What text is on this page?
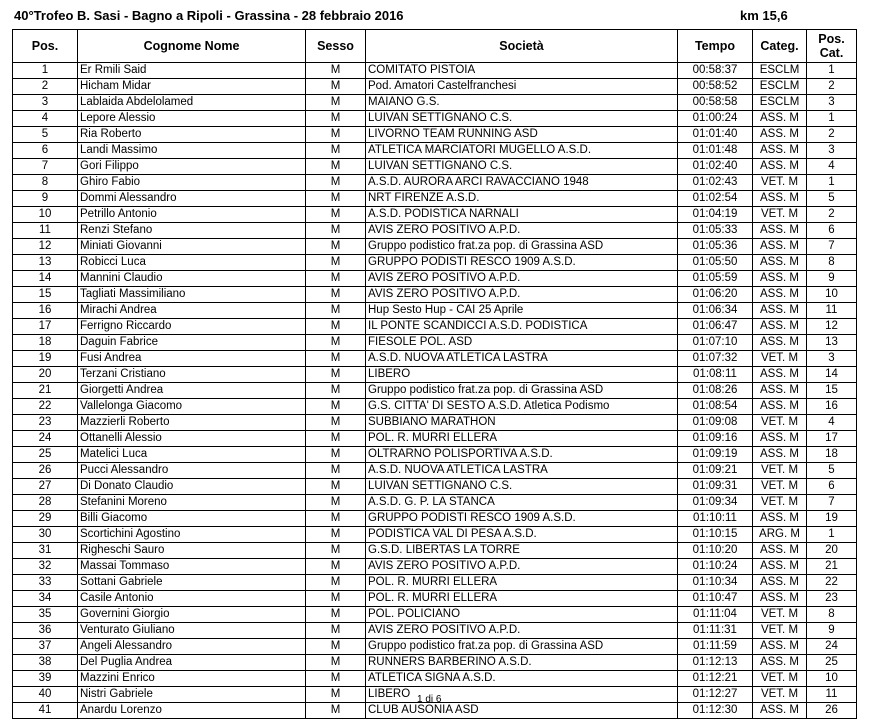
40°Trofeo B. Sasi - Bagno a Ripoli - Grassina - 28 febbraio 2016	km 15,6
Pos.	Cognome Nome	Sesso	Società	Tempo	Categ.	Pos. Cat.
1	Er Rmili Said	M	COMITATO PISTOIA	00:58:37	ESCLM	1
2	Hicham Midar	M	Pod. Amatori Castelfranchesi	00:58:52	ESCLM	2
3	Lablaida Abdelolamed	M	MAIANO G.S.	00:58:58	ESCLM	3
4	Lepore Alessio	M	LUIVAN SETTIGNANO C.S.	01:00:24	ASS. M	1
5	Ria Roberto	M	LIVORNO TEAM RUNNING ASD	01:01:40	ASS. M	2
6	Landi Massimo	M	ATLETICA MARCIATORI MUGELLO A.S.D.	01:01:48	ASS. M	3
7	Gori Filippo	M	LUIVAN SETTIGNANO C.S.	01:02:40	ASS. M	4
8	Ghiro Fabio	M	A.S.D. AURORA ARCI RAVACCIANO 1948	01:02:43	VET. M	1
9	Dommi Alessandro	M	NRT FIRENZE A.S.D.	01:02:54	ASS. M	5
10	Petrillo Antonio	M	A.S.D. PODISTICA NARNALI	01:04:19	VET. M	2
11	Renzi Stefano	M	AVIS ZERO POSITIVO A.P.D.	01:05:33	ASS. M	6
12	Miniati Giovanni	M	Gruppo podistico frat.za pop. di Grassina ASD	01:05:36	ASS. M	7
13	Robicci Luca	M	GRUPPO PODISTI RESCO 1909 A.S.D.	01:05:50	ASS. M	8
14	Mannini Claudio	M	AVIS ZERO POSITIVO A.P.D.	01:05:59	ASS. M	9
15	Tagliati Massimiliano	M	AVIS ZERO POSITIVO A.P.D.	01:06:20	ASS. M	10
16	Mirachi Andrea	M	Hup Sesto Hup - CAI 25 Aprile	01:06:34	ASS. M	11
17	Ferrigno Riccardo	M	IL PONTE SCANDICCI A.S.D. PODISTICA	01:06:47	ASS. M	12
18	Daguin Fabrice	M	FIESOLE POL. ASD	01:07:10	ASS. M	13
19	Fusi Andrea	M	A.S.D. NUOVA ATLETICA LASTRA	01:07:32	VET. M	3
20	Terzani Cristiano	M	LIBERO	01:08:11	ASS. M	14
21	Giorgetti Andrea	M	Gruppo podistico frat.za pop. di Grassina ASD	01:08:26	ASS. M	15
22	Vallelonga Giacomo	M	G.S. CITTA' DI SESTO A.S.D. Atletica Podismo	01:08:54	ASS. M	16
23	Mazzierli Roberto	M	SUBBIANO MARATHON	01:09:08	VET. M	4
24	Ottanelli Alessio	M	POL. R. MURRI ELLERA	01:09:16	ASS. M	17
25	Matelici Luca	M	OLTRARNO POLISPORTIVA A.S.D.	01:09:19	ASS. M	18
26	Pucci Alessandro	M	A.S.D. NUOVA ATLETICA LASTRA	01:09:21	VET. M	5
27	Di Donato Claudio	M	LUIVAN SETTIGNANO C.S.	01:09:31	VET. M	6
28	Stefanini Moreno	M	A.S.D. G. P. LA STANCA	01:09:34	VET. M	7
29	Billi Giacomo	M	GRUPPO PODISTI RESCO 1909 A.S.D.	01:10:11	ASS. M	19
30	Scortichini Agostino	M	PODISTICA VAL DI PESA A.S.D.	01:10:15	ARG. M	1
31	Righeschi Sauro	M	G.S.D. LIBERTAS LA TORRE	01:10:20	ASS. M	20
32	Massai Tommaso	M	AVIS ZERO POSITIVO A.P.D.	01:10:24	ASS. M	21
33	Sottani Gabriele	M	POL. R. MURRI ELLERA	01:10:34	ASS. M	22
34	Casile Antonio	M	POL. R. MURRI ELLERA	01:10:47	ASS. M	23
35	Governini Giorgio	M	POL. POLICIANO	01:11:04	VET. M	8
36	Venturato Giuliano	M	AVIS ZERO POSITIVO A.P.D.	01:11:31	VET. M	9
37	Angeli Alessandro	M	Gruppo podistico frat.za pop. di Grassina ASD	01:11:59	ASS. M	24
38	Del Puglia Andrea	M	RUNNERS BARBERINO A.S.D.	01:12:13	ASS. M	25
39	Mazzini Enrico	M	ATLETICA SIGNA A.S.D.	01:12:21	VET. M	10
40	Nistri Gabriele	M	LIBERO	01:12:27	VET. M	11
41	Anardu Lorenzo	M	CLUB AUSONIA ASD	01:12:30	ASS. M	26
1 di 6
